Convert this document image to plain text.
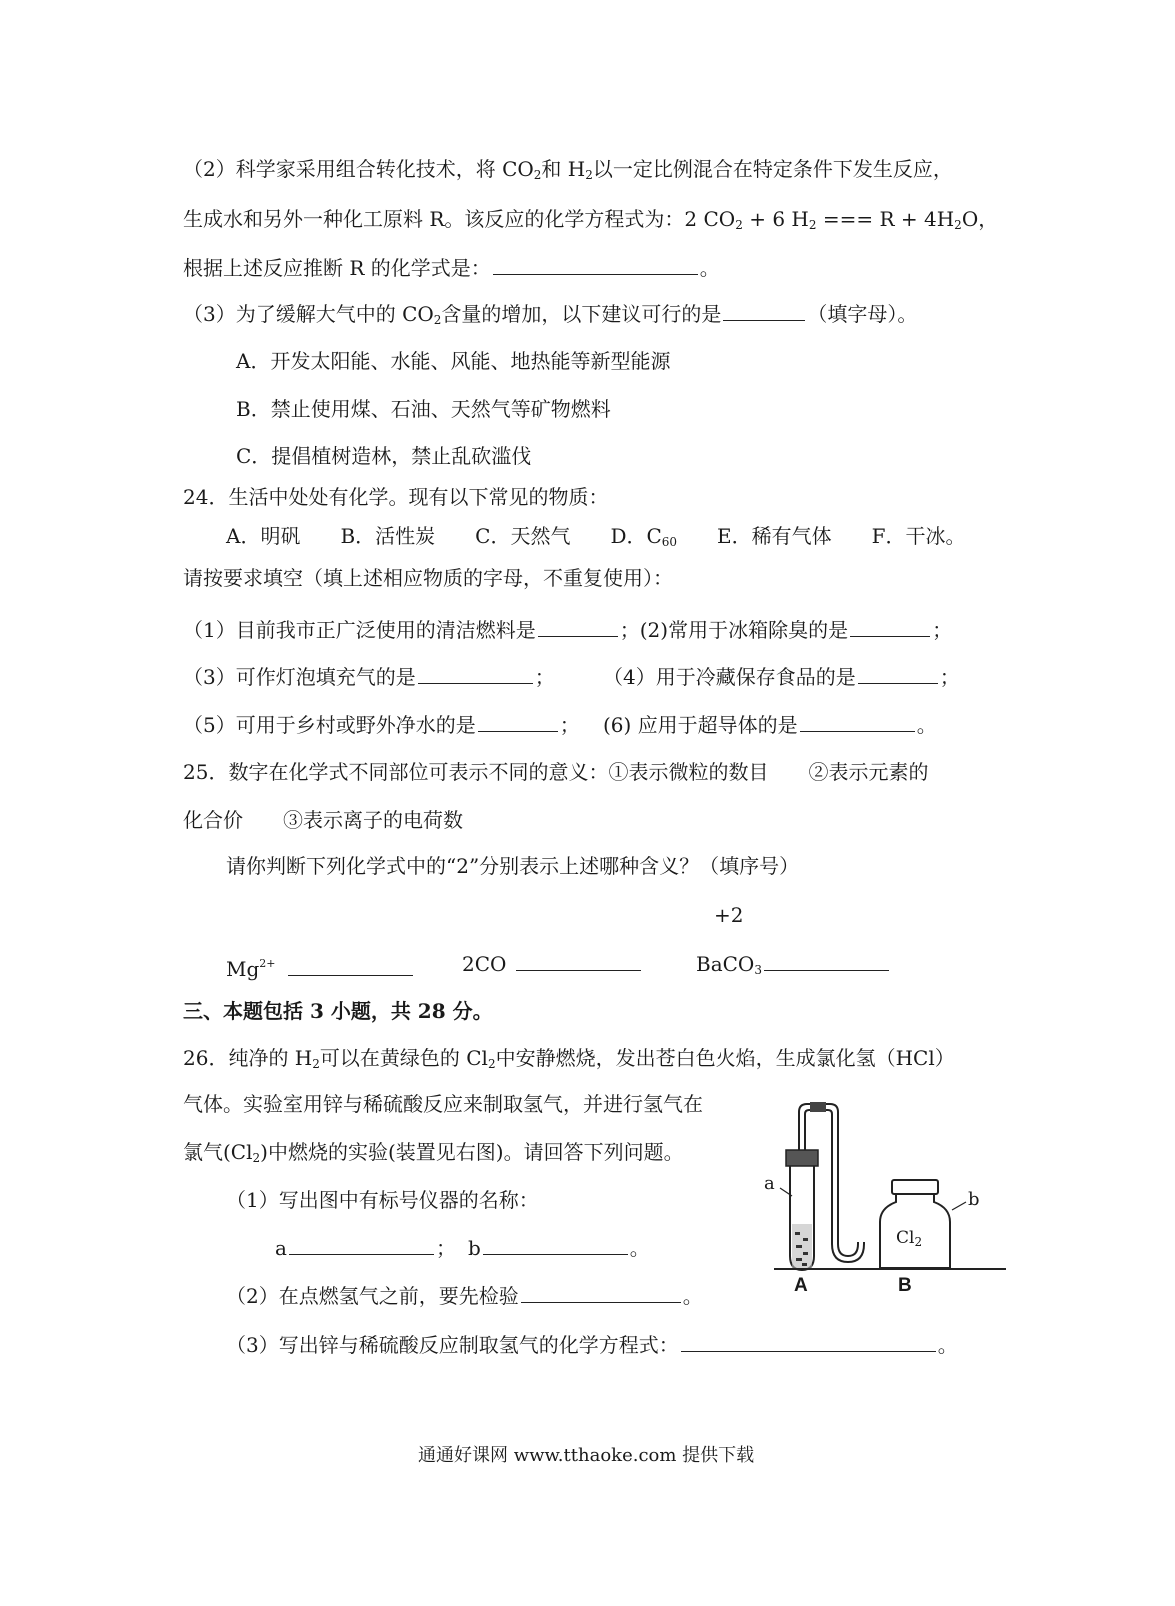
（2）科学家采用组合转化技术，将 $CO_2$和 $H_2$以一定比例混合在特定条件下发生反应，
生成水和另外一种化工原料 R。该反应的化学方程式为：2 $CO_2 + 6$ $H_2$ === $R + 4H_2O$，
根据上述反应推断 R 的化学式是：	。
（3）为了缓解大气中的 $CO_2$含量的增加，以下建议可行的是	（填字母）。
A．开发太阳能、水能、风能、地热能等新型能源
B．禁止使用煤、石油、天然气等矿物燃料
C．提倡植树造林，禁止乱砍滥伐
24．生活中处处有化学。现有以下常见的物质：
A．明矾　　B．活性炭　　C．天然气　　D．$C_{60}$　　E．稀有气体　　F．干冰。
请按要求填空（填上述相应物质的字母，不重复使用）：
（1）目前我市正广泛使用的清洁燃料是	；(2)常用于冰箱除臭的是	；
（3）可作灯泡填充气的是	； （4）用于冷藏保存食品的是	；
（5）可用于乡村或野外净水的是	； (6) 应用于超导体的是	。
25．数字在化学式不同部位可表示不同的意义：①表示微粒的数目　　②表示元素的
化合价　　③表示离子的电荷数
请你判断下列化学式中的“2”分别表示上述哪种含义？（填序号）
+2
$Mg^{2+}$	2CO	BaCO$_3$
三、本题包括 3 小题，共 28 分。
26．纯净的 $H_2$可以在黄绿色的 $Cl_2$中安静燃烧，发出苍白色火焰，生成氯化氢（HCl）
气体。实验室用锌与稀硫酸反应来制取氢气，并进行氢气在
氯气$(Cl_2)$中燃烧的实验(装置见右图)。请回答下列问题。
（1）写出图中有标号仪器的名称：
a	； b	。
（2）在点燃氢气之前，要先检验	。
（3）写出锌与稀硫酸反应制取氢气的化学方程式：	。
a
b
$Cl_2$
A	B
通通好课网 www.tthaoke.com 提供下载
